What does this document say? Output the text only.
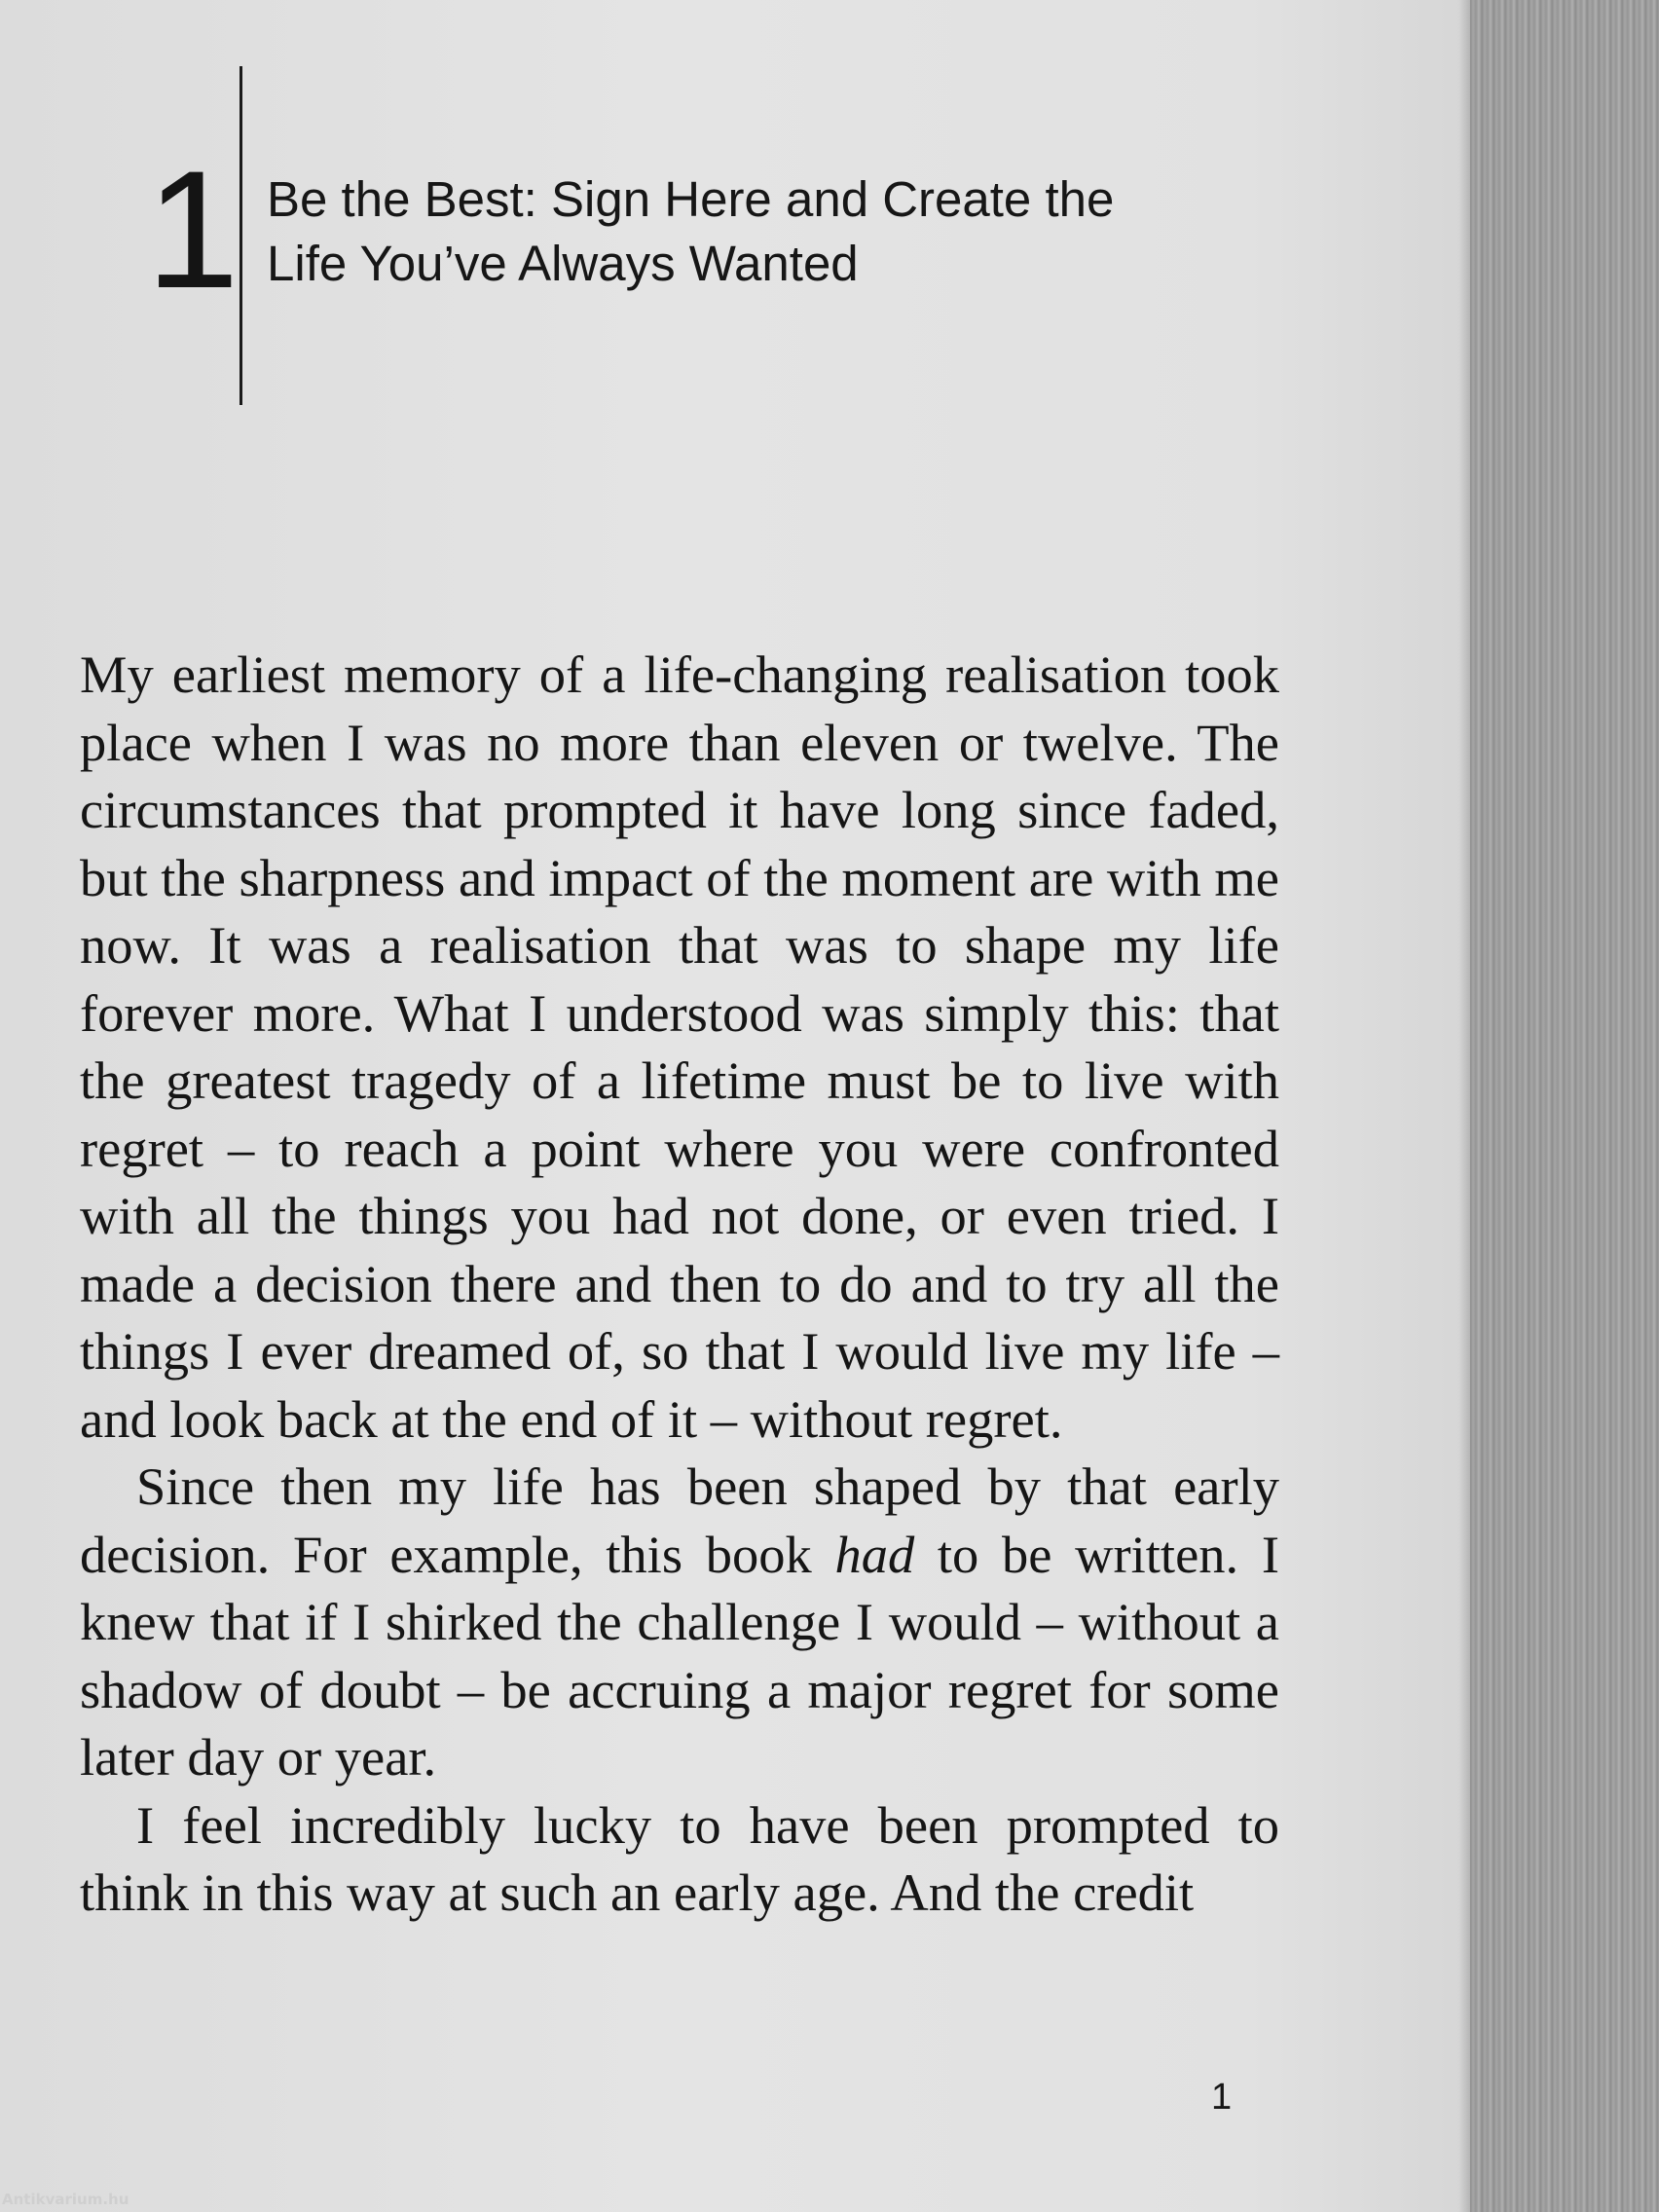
1 Be the Best: Sign Here and Create the
Life You’ve Always Wanted

My earliest memory of a life-changing realisation took place when I was no more than eleven or twelve. The circumstances that prompted it have long since faded, but the sharpness and impact of the moment are with me now. It was a realisation that was to shape my life forever more. What I understood was simply this: that the greatest tragedy of a lifetime must be to live with regret – to reach a point where you were confronted with all the things you had not done, or even tried. I made a decision there and then to do and to try all the things I ever dreamed of, so that I would live my life – and look back at the end of it – without regret.

Since then my life has been shaped by that early decision. For example, this book had to be written. I knew that if I shirked the challenge I would – without a shadow of doubt – be accruing a major regret for some later day or year.

I feel incredibly lucky to have been prompted to think in this way at such an early age. And the credit

1
Antikvarium.hu
